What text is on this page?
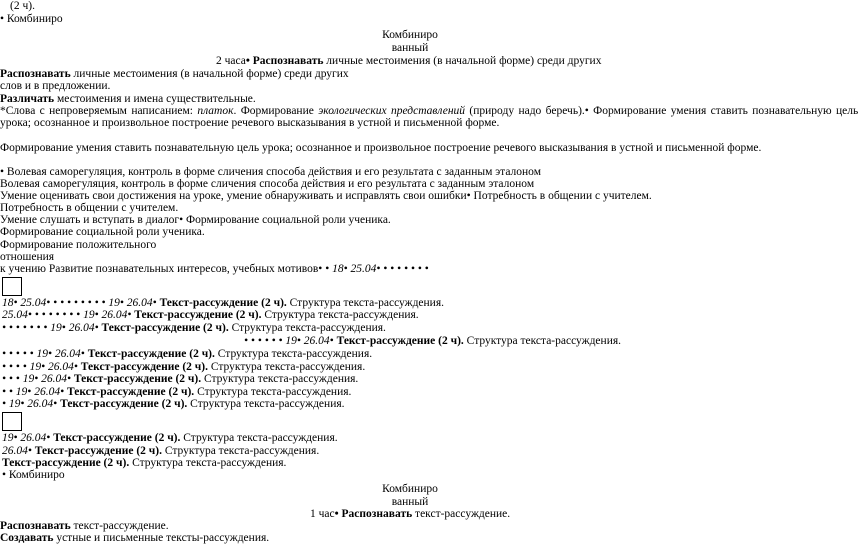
(2 ч).
• Комбиниро
Комбиниро
ванный
2 часа• Распознавать личные местоимения (в начальной форме) среди других
Распознавать личные местоимения (в начальной форме) среди других
слов и в предложении.
Различать местоимения и имена существительные.
*Слова с непроверяемым написанием: платок. Формирование экологических представлений (природу надо беречь).• Формирование умения ставить познавательную цель
урока; осознанное и произвольное построение речевого высказывания в устной и письменной форме.
Формирование умения ставить познавательную цель урока; осознанное и произвольное построение речевого высказывания в устной и письменной форме.
• Волевая саморегуляция, контроль в форме сличения способа действия и его результата с заданным эталоном
Волевая саморегуляция, контроль в форме сличения способа действия и его результата с заданным эталоном
Умение оценивать свои достижения на уроке, умение обнаруживать и исправлять свои ошибки• Потребность в общении с учителем.
Потребность в общении с учителем.
Умение слушать и вступать в диалог• Формирование социальной роли ученика.
Формирование социальной роли ученика.
Формирование положительного
отношения
к учению Развитие познавательных интересов, учебных мотивов• • 18• 25.04• • • • • • • •
18• 25.04• • • • • • • • • 19• 26.04• Текст-рассуждение (2 ч). Структура текста-рассуждения.
25.04• • • • • • • • 19• 26.04• Текст-рассуждение (2 ч). Структура текста-рассуждения.
• • • • • • • 19• 26.04• Текст-рассуждение (2 ч). Структура текста-рассуждения.
• • • • • • 19• 26.04• Текст-рассуждение (2 ч). Структура текста-рассуждения.
• • • • • 19• 26.04• Текст-рассуждение (2 ч). Структура текста-рассуждения.
• • • • 19• 26.04• Текст-рассуждение (2 ч). Структура текста-рассуждения.
• • • 19• 26.04• Текст-рассуждение (2 ч). Структура текста-рассуждения.
• • 19• 26.04• Текст-рассуждение (2 ч). Структура текста-рассуждения.
• 19• 26.04• Текст-рассуждение (2 ч). Структура текста-рассуждения.
19• 26.04• Текст-рассуждение (2 ч). Структура текста-рассуждения.
26.04• Текст-рассуждение (2 ч). Структура текста-рассуждения.
Текст-рассуждение (2 ч). Структура текста-рассуждения.
• Комбиниро
Комбиниро
ванный
1 час• Распознавать текст-рассуждение.
Распознавать текст-рассуждение.
Создавать устные и письменные тексты-рассуждения.
